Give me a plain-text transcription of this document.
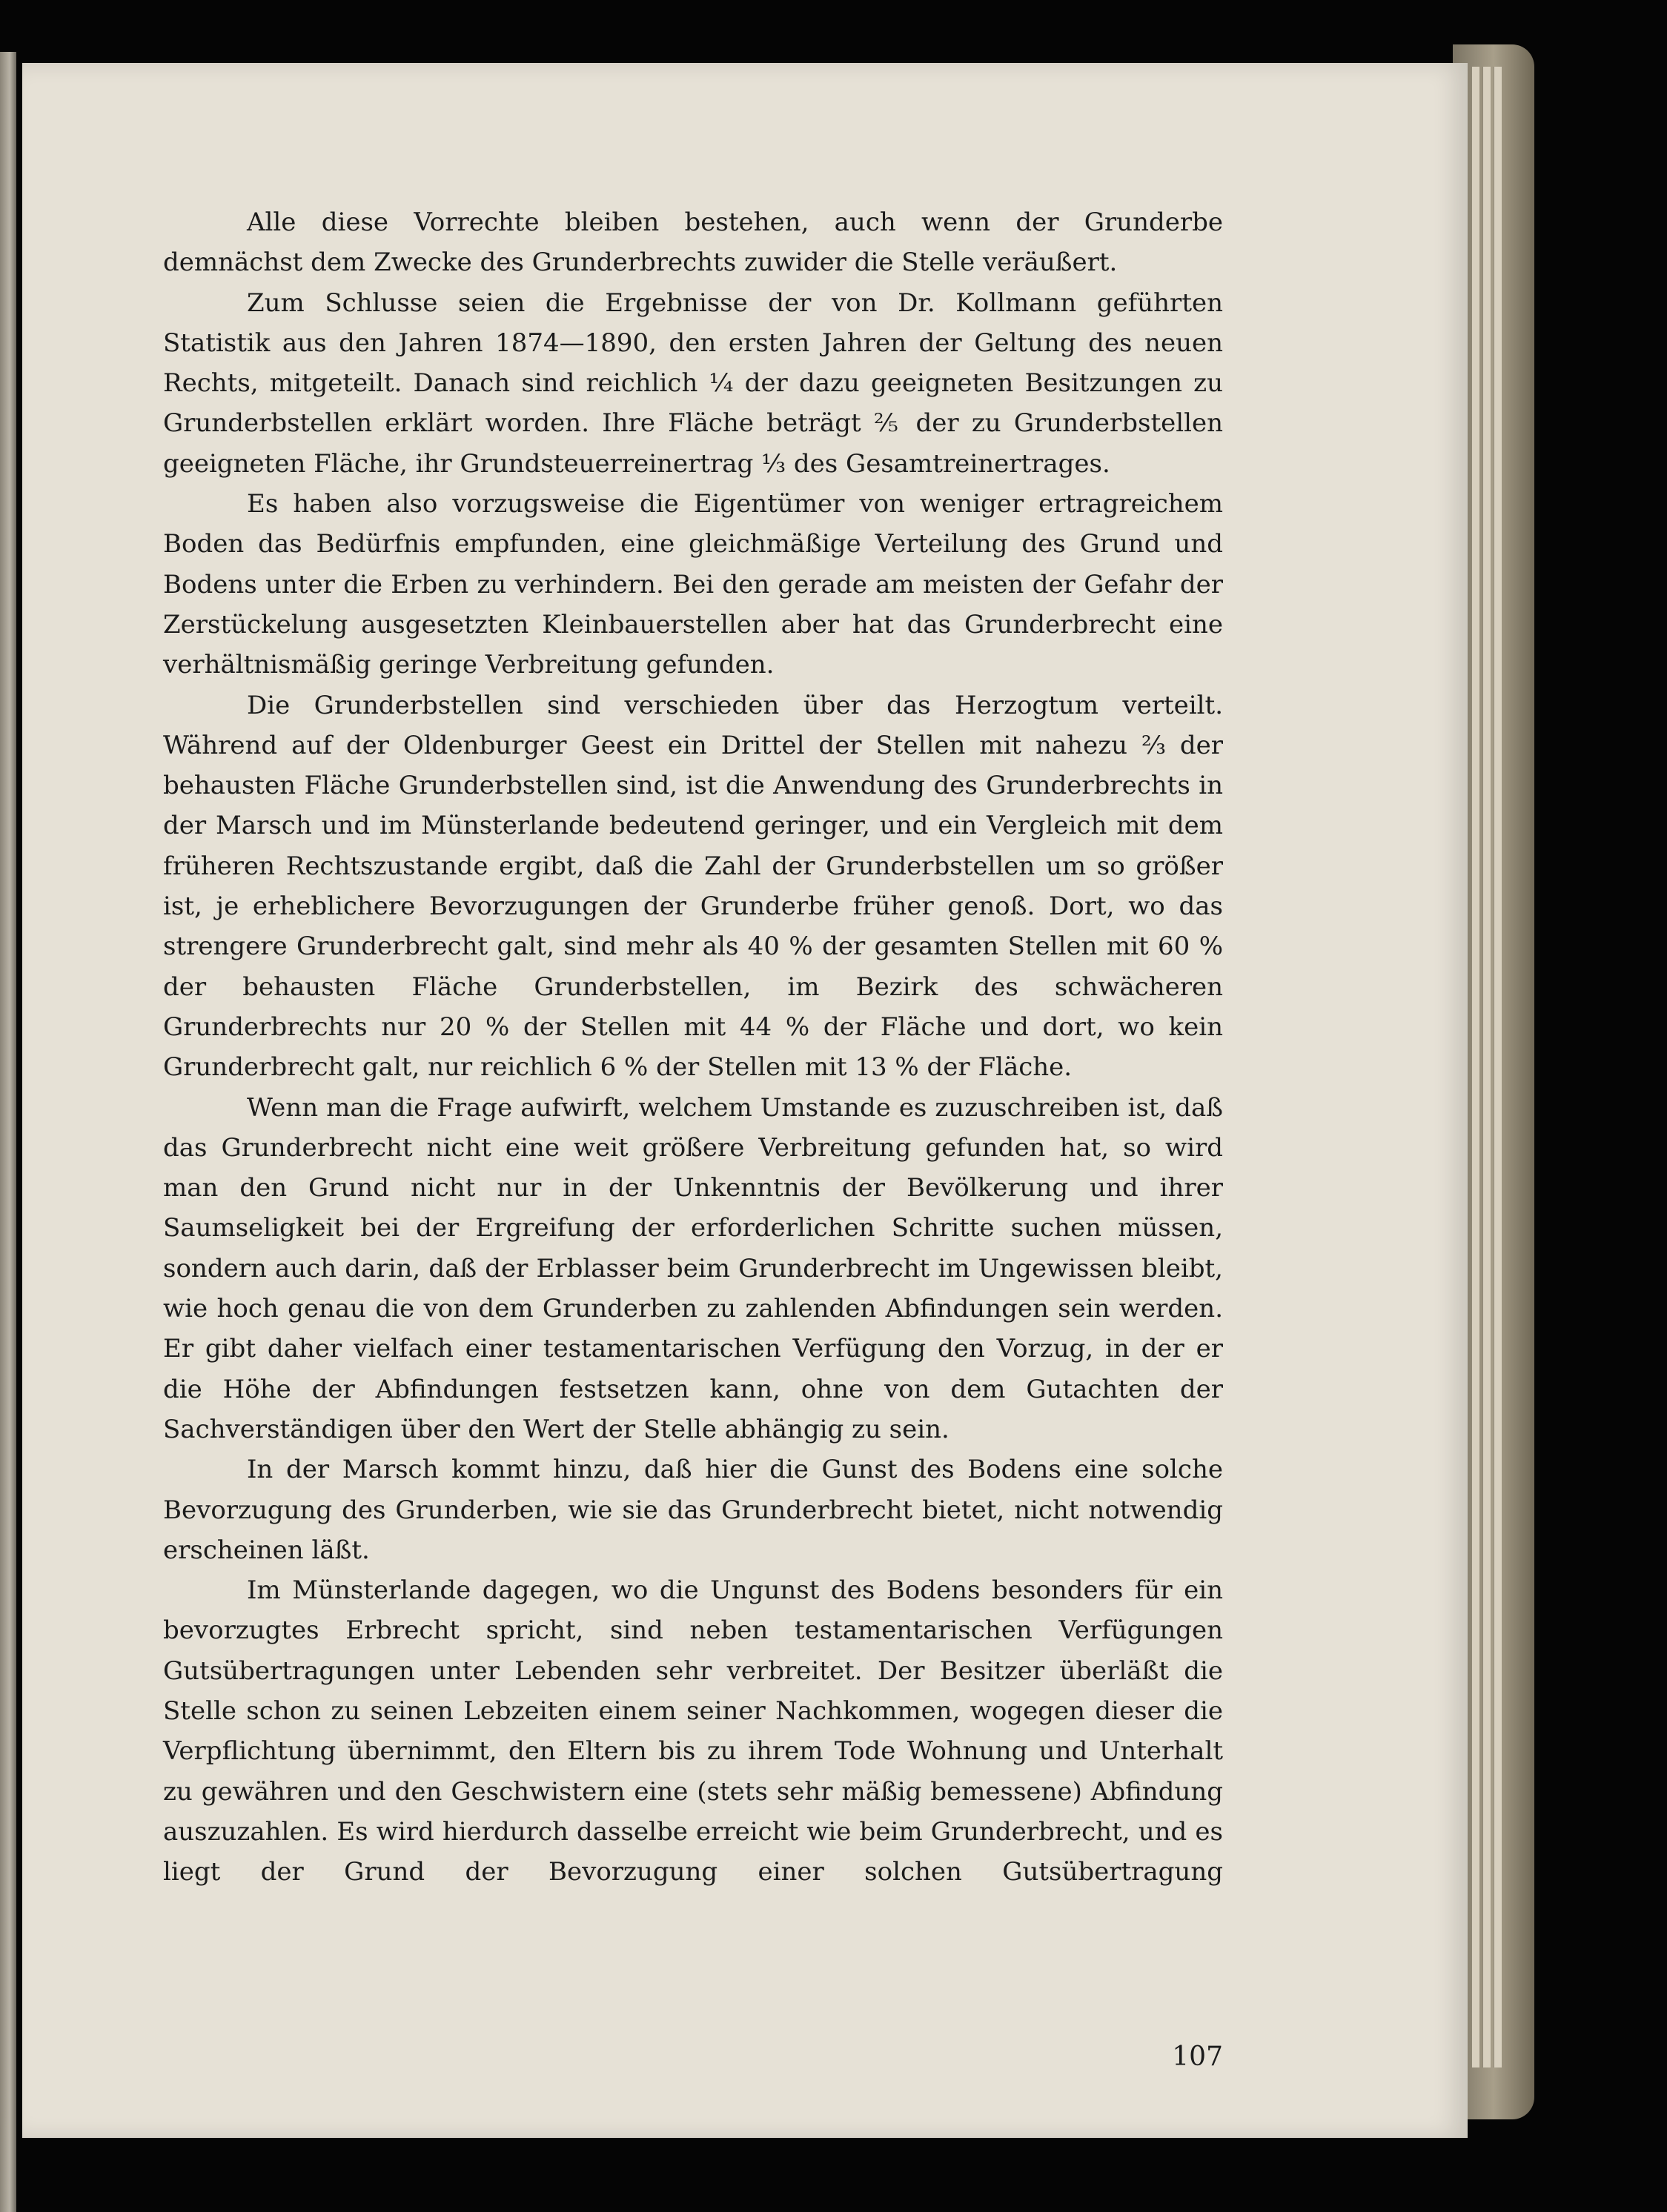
Alle diese Vorrechte bleiben bestehen, auch wenn der Grunderbe demnächst dem Zwecke des Grunderbrechts zuwider die Stelle veräußert.

Zum Schlusse seien die Ergebnisse der von Dr. Kollmann geführten Statistik aus den Jahren 1874—1890, den ersten Jahren der Geltung des neuen Rechts, mitgeteilt. Danach sind reichlich ¼ der dazu geeigneten Besitzungen zu Grunderbstellen erklärt worden. Ihre Fläche beträgt ⅖ der zu Grunderbstellen geeigneten Fläche, ihr Grundsteuerreinertrag ⅓ des Gesamtreinertrages.

Es haben also vorzugsweise die Eigentümer von weniger ertragreichem Boden das Bedürfnis empfunden, eine gleichmäßige Verteilung des Grund und Bodens unter die Erben zu verhindern. Bei den gerade am meisten der Gefahr der Zerstückelung ausgesetzten Kleinbauerstellen aber hat das Grunderbrecht eine verhältnismäßig geringe Verbreitung gefunden.

Die Grunderbstellen sind verschieden über das Herzogtum verteilt. Während auf der Oldenburger Geest ein Drittel der Stellen mit nahezu ⅔ der behausten Fläche Grunderbstellen sind, ist die Anwendung des Grunderbrechts in der Marsch und im Münsterlande bedeutend geringer, und ein Vergleich mit dem früheren Rechtszustande ergibt, daß die Zahl der Grunderbstellen um so größer ist, je erheblichere Bevorzugungen der Grunderbe früher genoß. Dort, wo das strengere Grunderbrecht galt, sind mehr als 40 % der gesamten Stellen mit 60 % der behausten Fläche Grunderbstellen, im Bezirk des schwächeren Grunderbrechts nur 20 % der Stellen mit 44 % der Fläche und dort, wo kein Grunderbrecht galt, nur reichlich 6 % der Stellen mit 13 % der Fläche.

Wenn man die Frage aufwirft, welchem Umstande es zuzuschreiben ist, daß das Grunderbrecht nicht eine weit größere Verbreitung gefunden hat, so wird man den Grund nicht nur in der Unkenntnis der Bevölkerung und ihrer Saumseligkeit bei der Ergreifung der erforderlichen Schritte suchen müssen, sondern auch darin, daß der Erblasser beim Grunderbrecht im Ungewissen bleibt, wie hoch genau die von dem Grunderben zu zahlenden Abfindungen sein werden. Er gibt daher vielfach einer testamentarischen Verfügung den Vorzug, in der er die Höhe der Abfindungen festsetzen kann, ohne von dem Gutachten der Sachverständigen über den Wert der Stelle abhängig zu sein.

In der Marsch kommt hinzu, daß hier die Gunst des Bodens eine solche Bevorzugung des Grunderben, wie sie das Grunderbrecht bietet, nicht notwendig erscheinen läßt.

Im Münsterlande dagegen, wo die Ungunst des Bodens besonders für ein bevorzugtes Erbrecht spricht, sind neben testamentarischen Verfügungen Gutsübertragungen unter Lebenden sehr verbreitet. Der Besitzer überläßt die Stelle schon zu seinen Lebzeiten einem seiner Nachkommen, wogegen dieser die Verpflichtung übernimmt, den Eltern bis zu ihrem Tode Wohnung und Unterhalt zu gewähren und den Geschwistern eine (stets sehr mäßig bemessene) Abfindung auszuzahlen. Es wird hierdurch dasselbe erreicht wie beim Grunderbrecht, und es liegt der Grund der Bevorzugung einer solchen Gutsübertragung

107
